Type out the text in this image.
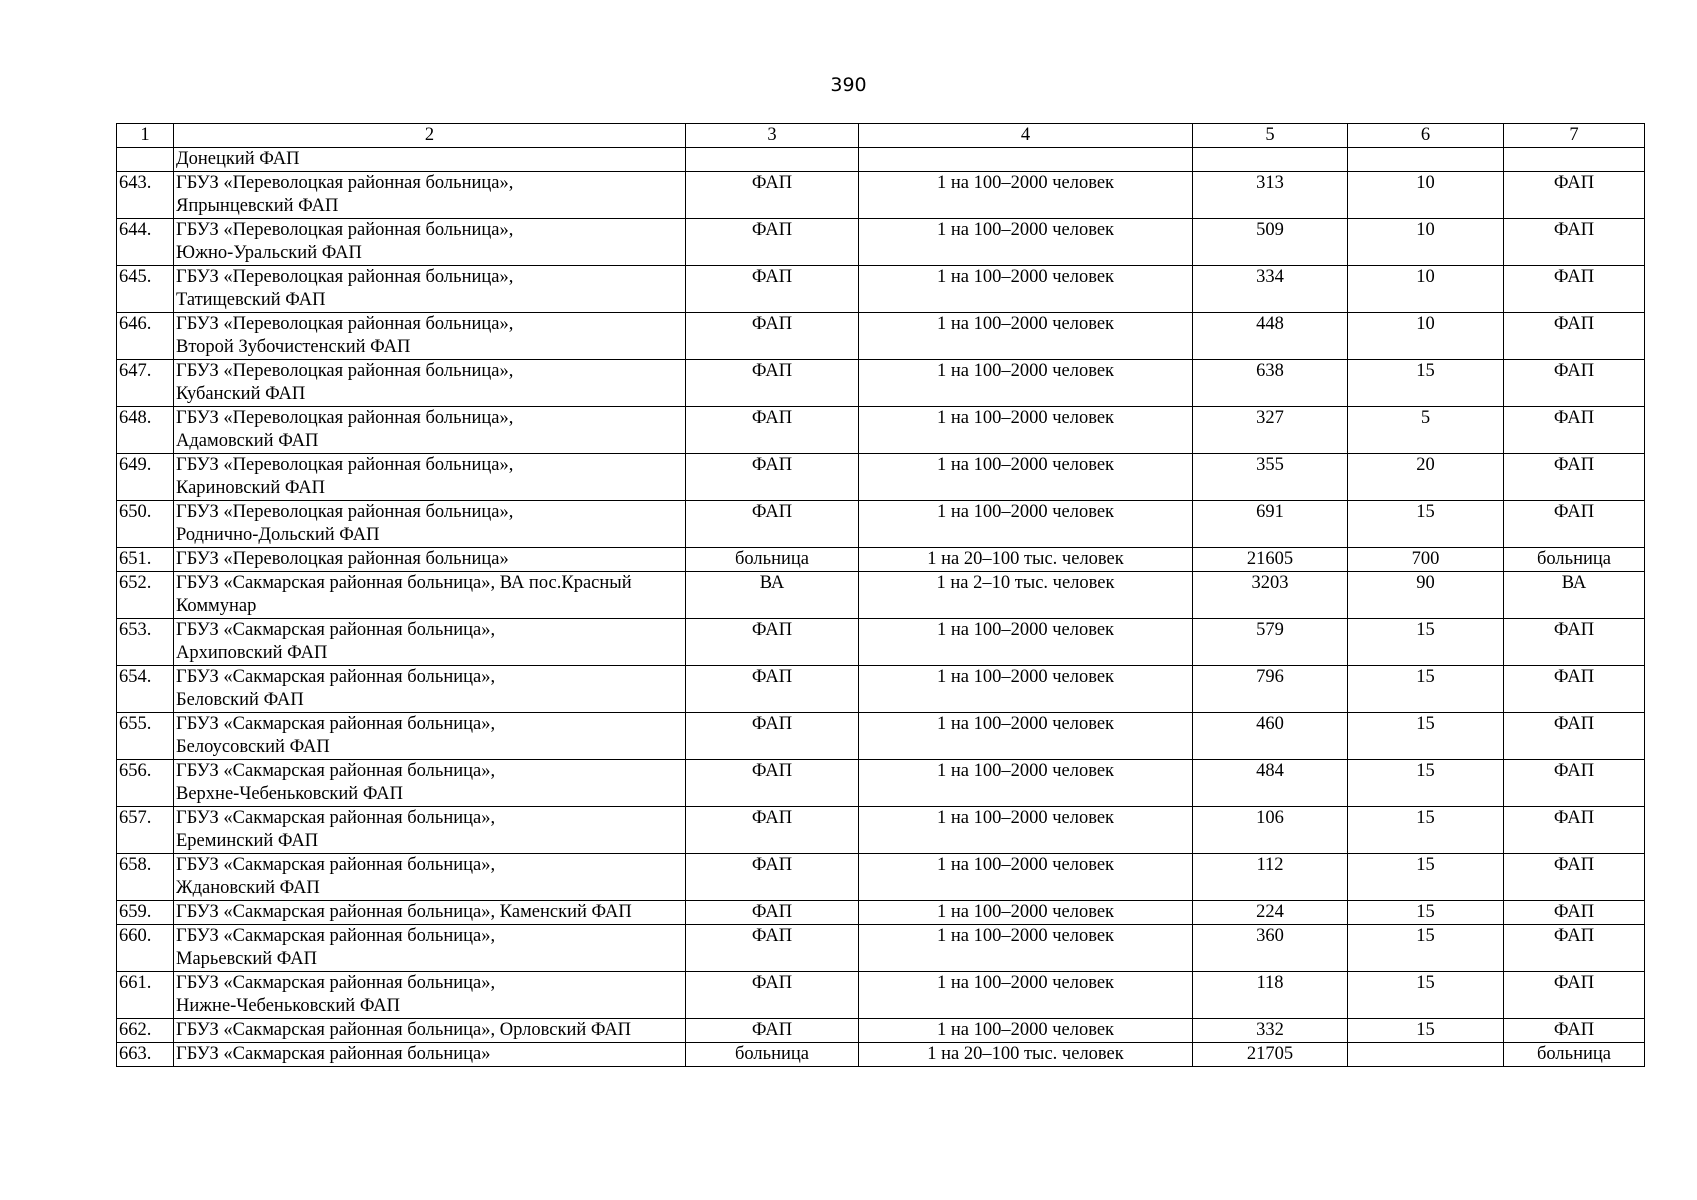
390
1	2	3	4	5	6	7
	Донецкий ФАП					
643.	ГБУЗ «Переволоцкая районная больница»,
Япрынцевский ФАП	ФАП	1 на 100–2000 человек	313	10	ФАП
644.	ГБУЗ «Переволоцкая районная больница»,
Южно-Уральский ФАП	ФАП	1 на 100–2000 человек	509	10	ФАП
645.	ГБУЗ «Переволоцкая районная больница»,
Татищевский ФАП	ФАП	1 на 100–2000 человек	334	10	ФАП
646.	ГБУЗ «Переволоцкая районная больница»,
Второй Зубочистенский ФАП	ФАП	1 на 100–2000 человек	448	10	ФАП
647.	ГБУЗ «Переволоцкая районная больница»,
Кубанский ФАП	ФАП	1 на 100–2000 человек	638	15	ФАП
648.	ГБУЗ «Переволоцкая районная больница»,
Адамовский ФАП	ФАП	1 на 100–2000 человек	327	5	ФАП
649.	ГБУЗ «Переволоцкая районная больница»,
Кариновский ФАП	ФАП	1 на 100–2000 человек	355	20	ФАП
650.	ГБУЗ «Переволоцкая районная больница»,
Роднично-Дольский ФАП	ФАП	1 на 100–2000 человек	691	15	ФАП
651.	ГБУЗ «Переволоцкая районная больница»	больница	1 на 20–100 тыс. человек	21605	700	больница
652.	ГБУЗ «Сакмарская районная больница», ВА пос.Красный
Коммунар	ВА	1 на 2–10 тыс. человек	3203	90	ВА
653.	ГБУЗ «Сакмарская районная больница»,
Архиповский ФАП	ФАП	1 на 100–2000 человек	579	15	ФАП
654.	ГБУЗ «Сакмарская районная больница»,
Беловский ФАП	ФАП	1 на 100–2000 человек	796	15	ФАП
655.	ГБУЗ «Сакмарская районная больница»,
Белоусовский ФАП	ФАП	1 на 100–2000 человек	460	15	ФАП
656.	ГБУЗ «Сакмарская районная больница»,
Верхне-Чебеньковский ФАП	ФАП	1 на 100–2000 человек	484	15	ФАП
657.	ГБУЗ «Сакмарская районная больница»,
Ереминский ФАП	ФАП	1 на 100–2000 человек	106	15	ФАП
658.	ГБУЗ «Сакмарская районная больница»,
Ждановский ФАП	ФАП	1 на 100–2000 человек	112	15	ФАП
659.	ГБУЗ «Сакмарская районная больница», Каменский ФАП	ФАП	1 на 100–2000 человек	224	15	ФАП
660.	ГБУЗ «Сакмарская районная больница»,
Марьевский ФАП	ФАП	1 на 100–2000 человек	360	15	ФАП
661.	ГБУЗ «Сакмарская районная больница»,
Нижне-Чебеньковский ФАП	ФАП	1 на 100–2000 человек	118	15	ФАП
662.	ГБУЗ «Сакмарская районная больница», Орловский ФАП	ФАП	1 на 100–2000 человек	332	15	ФАП
663.	ГБУЗ «Сакмарская районная больница»	больница	1 на 20–100 тыс. человек	21705		больница
